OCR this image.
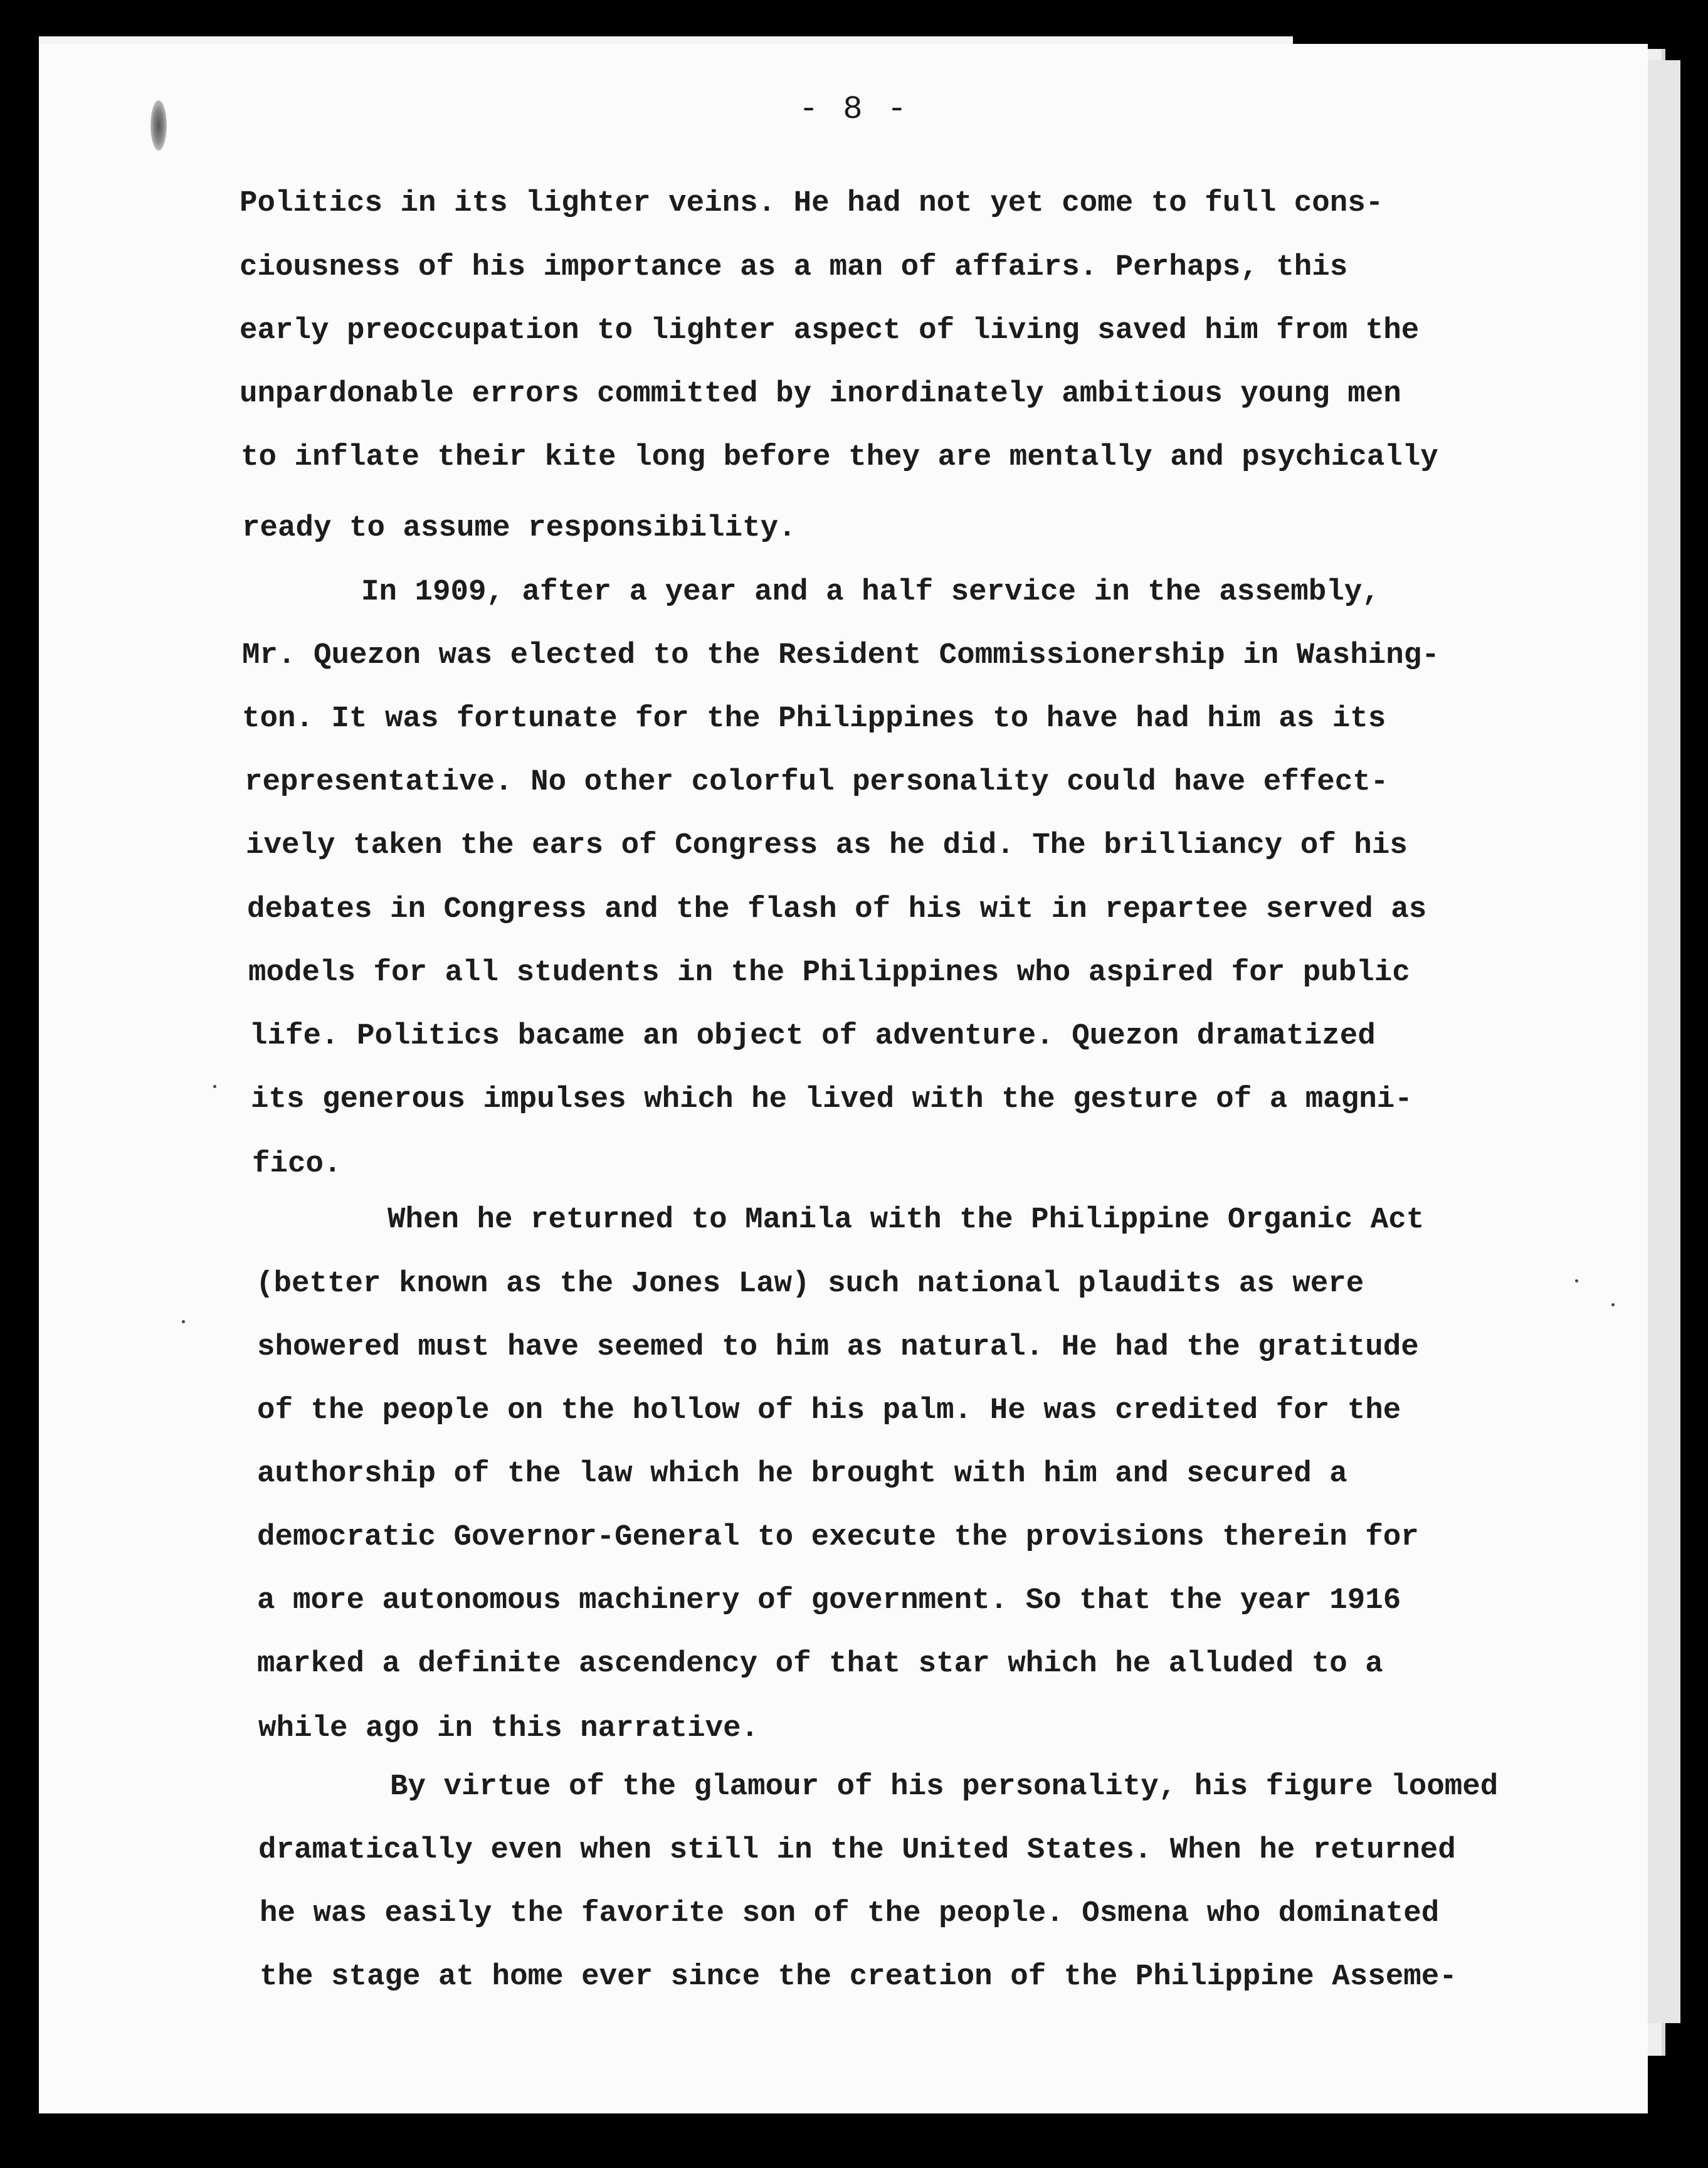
- 8 -
Politics in its lighter veins. He had not yet come to full cons-
ciousness of his importance as a man of affairs. Perhaps, this
early preoccupation to lighter aspect of living saved him from the
unpardonable errors committed by inordinately ambitious young men
to inflate their kite long before they are mentally and psychically
ready to assume responsibility.
In 1909, after a year and a half service in the assembly,
Mr. Quezon was elected to the Resident Commissionership in Washing-
ton. It was fortunate for the Philippines to have had him as its
representative. No other colorful personality could have effect-
ively taken the ears of Congress as he did. The brilliancy of his
debates in Congress and the flash of his wit in repartee served as
models for all students in the Philippines who aspired for public
life. Politics bacame an object of adventure. Quezon dramatized
its generous impulses which he lived with the gesture of a magni-
fico.
When he returned to Manila with the Philippine Organic Act
(better known as the Jones Law) such national plaudits as were
showered must have seemed to him as natural. He had the gratitude
of the people on the hollow of his palm. He was credited for the
authorship of the law which he brought with him and secured a
democratic Governor-General to execute the provisions therein for
a more autonomous machinery of government. So that the year 1916
marked a definite ascendency of that star which he alluded to a
while ago in this narrative.
By virtue of the glamour of his personality, his figure loomed
dramatically even when still in the United States. When he returned
he was easily the favorite son of the people. Osmena who dominated
the stage at home ever since the creation of the Philippine Asseme-
